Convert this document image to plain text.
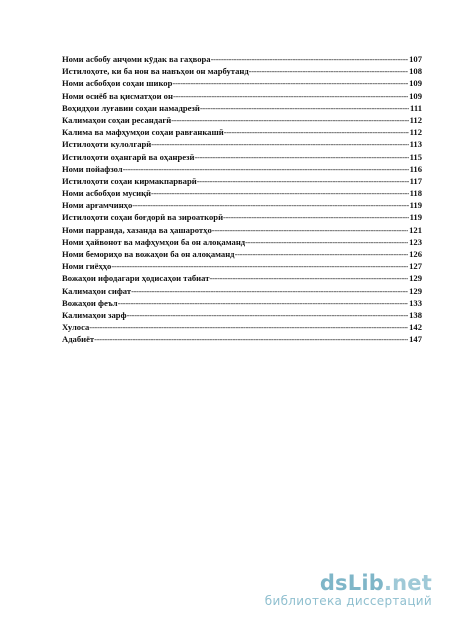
Номи асбобу анҷоми кӯдак ва гаҳвора -----	107
Истилоҳоте, ки ба нон ва навъҳои он марбутанд -----	108
Номи асбобҳои соҳаи шикор -----	109
Номи осиёб ва қисматҳои он -----	109
Воҳидҳои луғавии соҳаи намадрезӣ -----	111
Калимаҳои соҳаи ресандагӣ -----	112
Калима ва мафҳумҳои соҳаи равғанкашӣ -----	112
Истилоҳоти кулолгарӣ -----	113
Истилоҳоти оҳангарӣ ва оҳанрезӣ -----	115
Номи пойафзол -----	116
Истилоҳоти соҳаи кирмакпарварӣ -----	117
Номи асбобҳои мусиқӣ -----	118
Номи арғамчинҳо -----	119
Истилоҳоти соҳаи боғдорӣ ва зироаткорӣ -----	119
Номи парранда, хазанда ва ҳашаротҳо -----	121
Номи ҳайвонот ва мафҳумҳои ба он алоқаманд -----	123
Номи бемориҳо ва вожаҳои ба он алоқаманд -----	126
Номи гиёҳҳо -----	127
Вожаҳои ифодагари ҳодисаҳои табиат -----	129
Калимаҳои сифат -----	129
Вожаҳои феъл -----	133
Калимаҳои зарф -----	138
Хулоса -----	142
Адабиёт -----	147
dsLib.net
библиотека диссертаций
